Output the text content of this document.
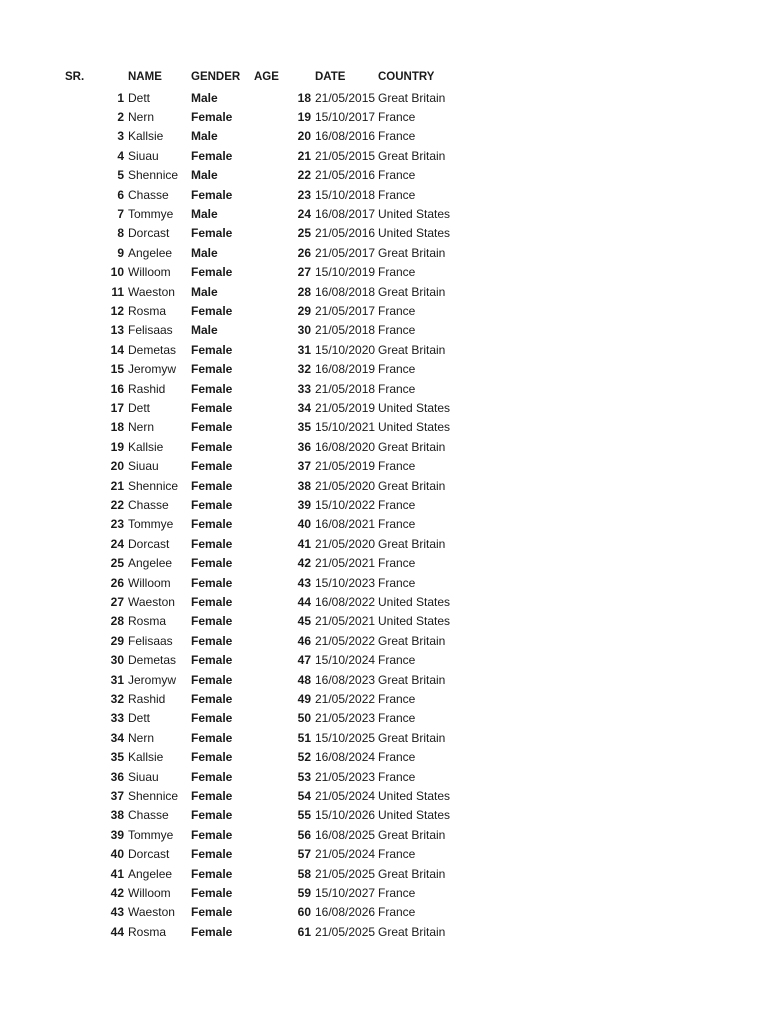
SR.	NAME	GENDER AGE	DATE	COUNTRY
1 Dett	Male	18 21/05/2015 Great Britain
2 Nern	Female	19 15/10/2017 France
3 Kallsie	Male	20 16/08/2016 France
4 Siuau	Female	21 21/05/2015 Great Britain
5 Shennice	Male	22 21/05/2016 France
6 Chasse	Female	23 15/10/2018 France
7 Tommye	Male	24 16/08/2017 United States
8 Dorcast	Female	25 21/05/2016 United States
9 Angelee	Male	26 21/05/2017 Great Britain
10 Willoom	Female	27 15/10/2019 France
11 Waeston	Male	28 16/08/2018 Great Britain
12 Rosma	Female	29 21/05/2017 France
13 Felisaas	Male	30 21/05/2018 France
14 Demetas	Female	31 15/10/2020 Great Britain
15 Jeromyw	Female	32 16/08/2019 France
16 Rashid	Female	33 21/05/2018 France
17 Dett	Female	34 21/05/2019 United States
18 Nern	Female	35 15/10/2021 United States
19 Kallsie	Female	36 16/08/2020 Great Britain
20 Siuau	Female	37 21/05/2019 France
21 Shennice	Female	38 21/05/2020 Great Britain
22 Chasse	Female	39 15/10/2022 France
23 Tommye	Female	40 16/08/2021 France
24 Dorcast	Female	41 21/05/2020 Great Britain
25 Angelee	Female	42 21/05/2021 France
26 Willoom	Female	43 15/10/2023 France
27 Waeston	Female	44 16/08/2022 United States
28 Rosma	Female	45 21/05/2021 United States
29 Felisaas	Female	46 21/05/2022 Great Britain
30 Demetas	Female	47 15/10/2024 France
31 Jeromyw	Female	48 16/08/2023 Great Britain
32 Rashid	Female	49 21/05/2022 France
33 Dett	Female	50 21/05/2023 France
34 Nern	Female	51 15/10/2025 Great Britain
35 Kallsie	Female	52 16/08/2024 France
36 Siuau	Female	53 21/05/2023 France
37 Shennice	Female	54 21/05/2024 United States
38 Chasse	Female	55 15/10/2026 United States
39 Tommye	Female	56 16/08/2025 Great Britain
40 Dorcast	Female	57 21/05/2024 France
41 Angelee	Female	58 21/05/2025 Great Britain
42 Willoom	Female	59 15/10/2027 France
43 Waeston	Female	60 16/08/2026 France
44 Rosma	Female	61 21/05/2025 Great Britain
